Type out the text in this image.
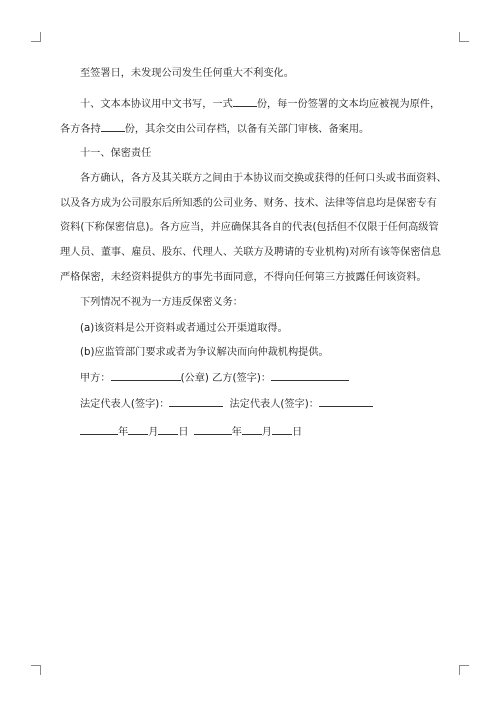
至签署日，未发现公司发生任何重大不利变化。
十、文本本协议用中文书写，一式 份，每一份签署的文本均应被视为原件，
各方各持 份，其余交由公司存档，以备有关部门审核、备案用。
十一、保密责任
各方确认，各方及其关联方之间由于本协议而交换或获得的任何口头或书面资料、
以及各方成为公司股东后所知悉的公司业务、财务、技术、法律等信息均是保密专有
资料(下称保密信息)。各方应当，并应确保其各自的代表(包括但不仅限于任何高级管
理人员、董事、雇员、股东、代理人、关联方及聘请的专业机构)对所有该等保密信息
严格保密，未经资料提供方的事先书面同意，不得向任何第三方披露任何该资料。
下列情况不视为一方违反保密义务：
(a)该资料是公开资料或者通过公开渠道取得。
(b)应监管部门要求或者为争议解决而向仲裁机构提供。
甲方：	(公章) 乙方(签字)：
法定代表人(签字)：	法定代表人(签字)：
年 月 日	年 月 日
